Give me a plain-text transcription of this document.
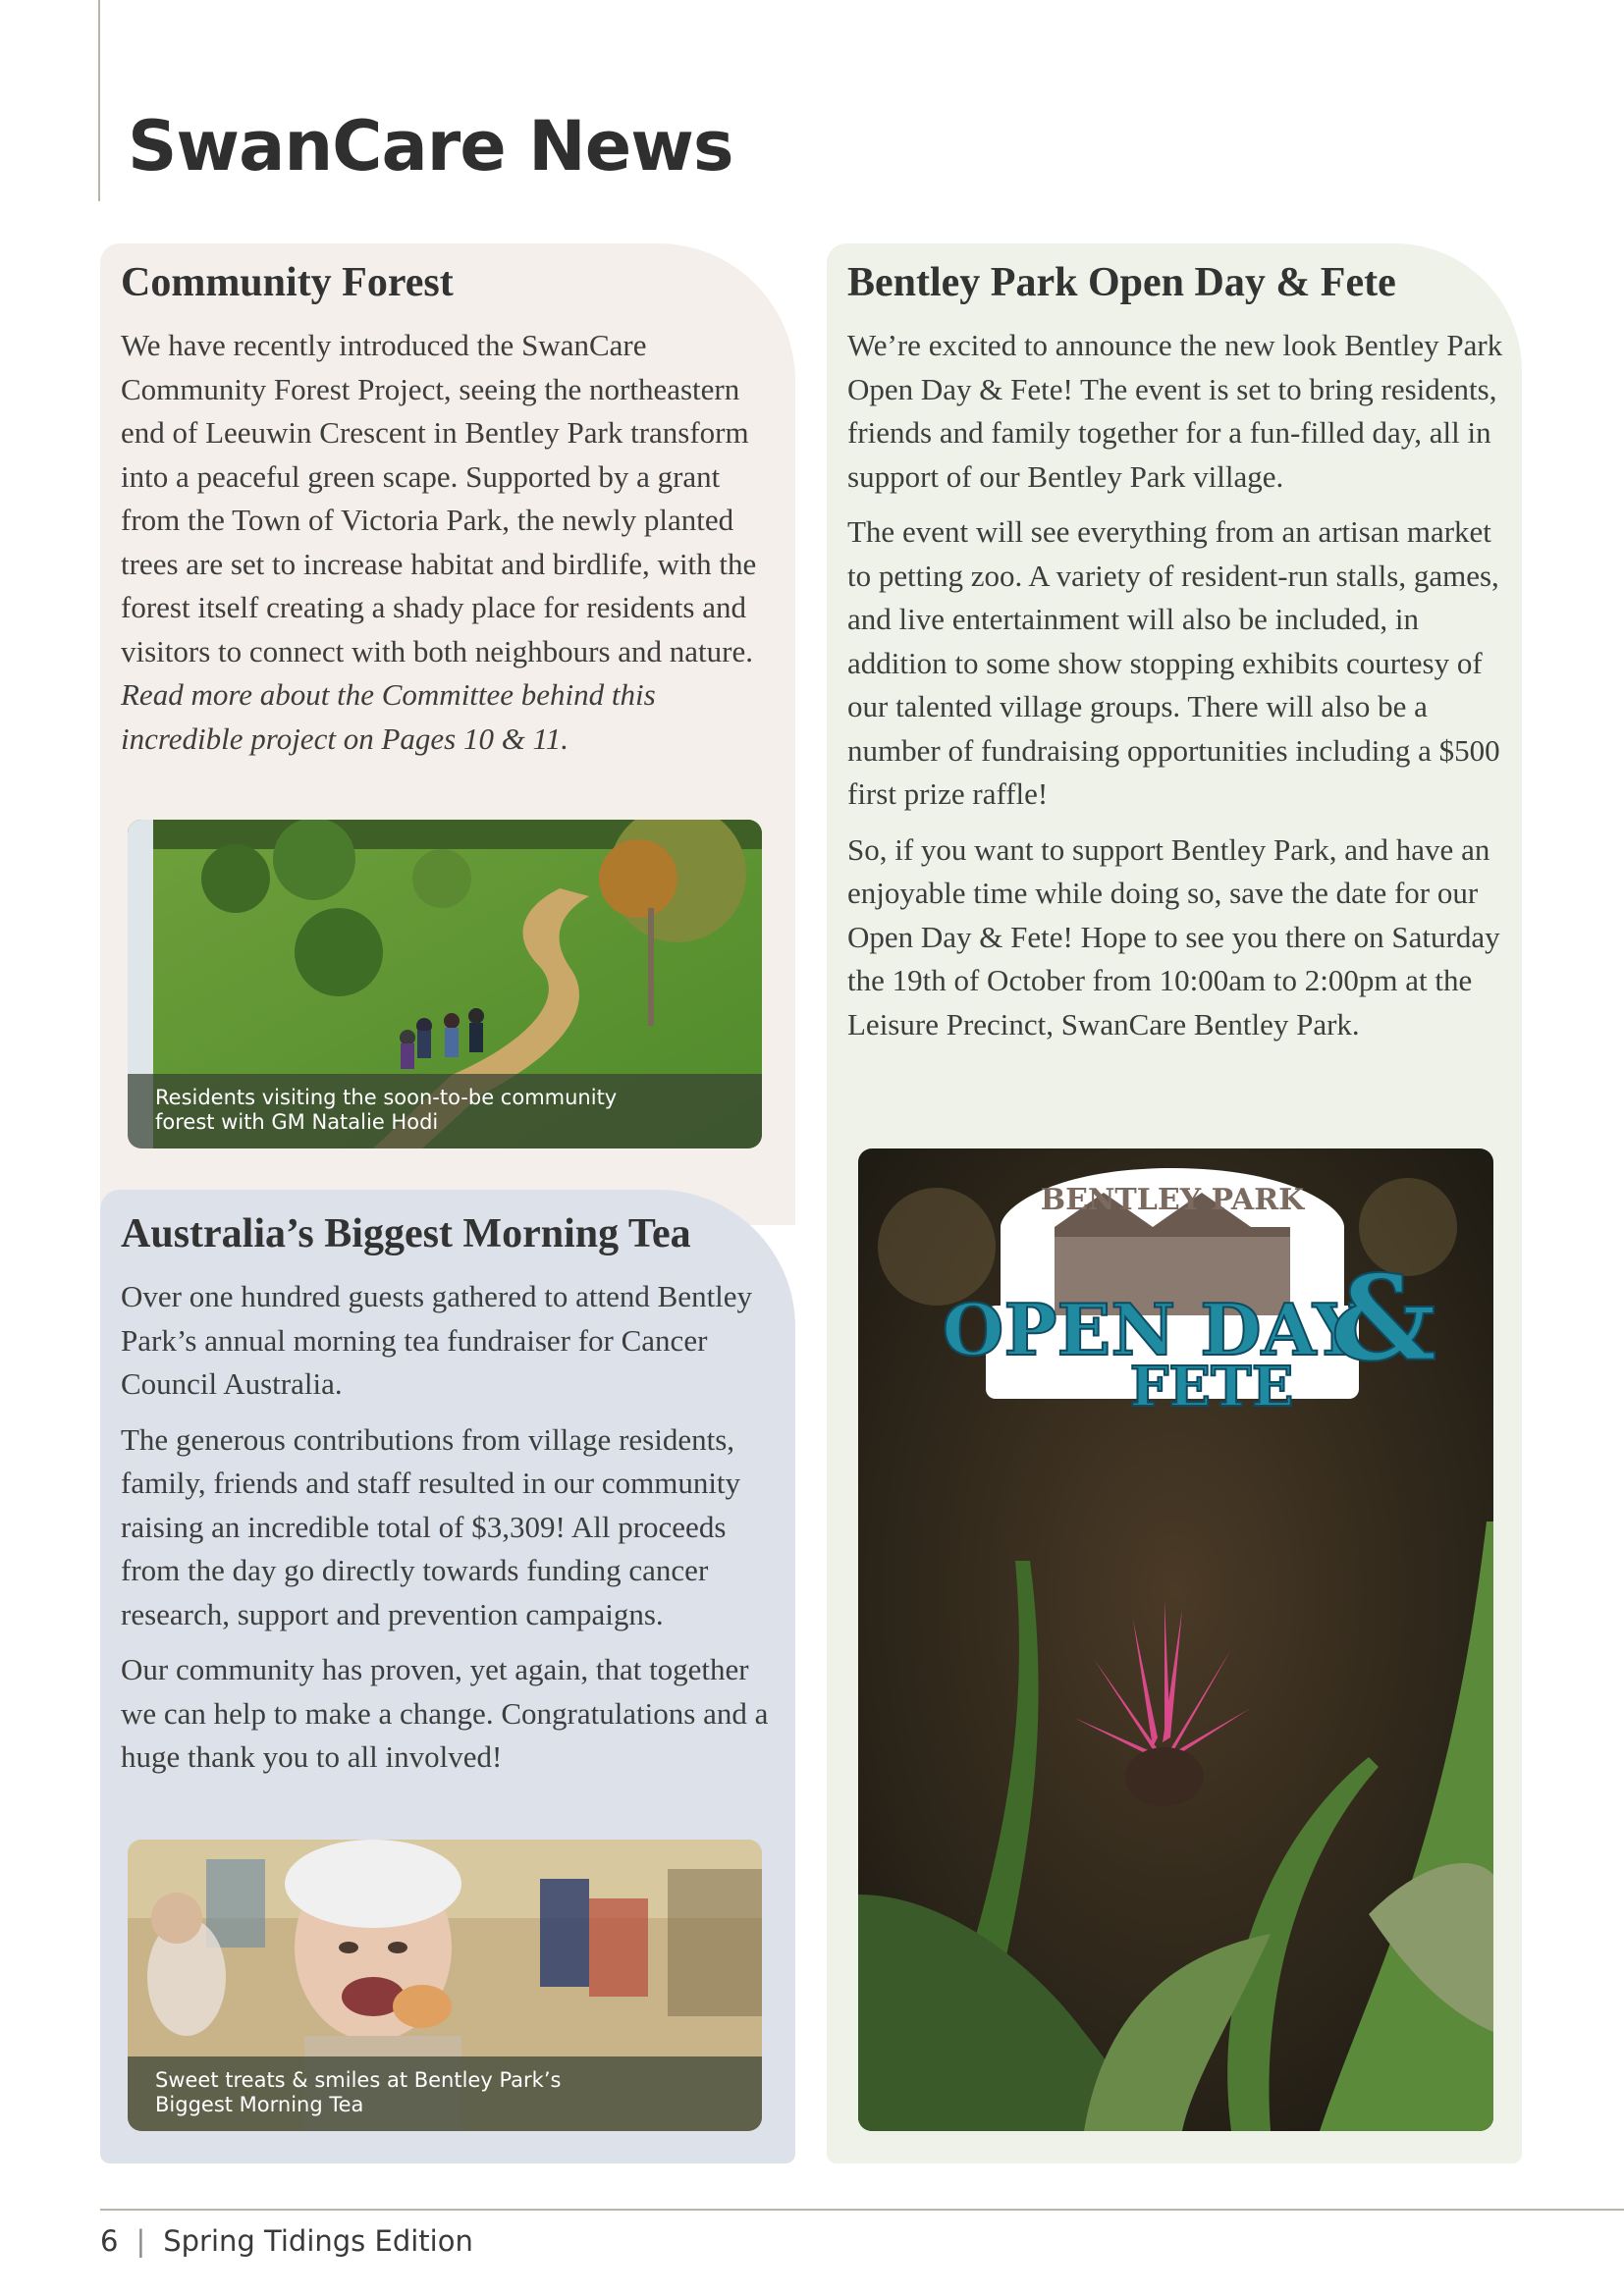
SwanCare News
Community Forest

We have recently introduced the SwanCare Community Forest Project, seeing the northeastern end of Leeuwin Crescent in Bentley Park transform into a peaceful green scape. Supported by a grant from the Town of Victoria Park, the newly planted trees are set to increase habitat and birdlife, with the forest itself creating a shady place for residents and visitors to connect with both neighbours and nature. Read more about the Committee behind this incredible project on Pages 10 & 11.

Residents visiting the soon-to-be community
forest with GM Natalie Hodi
Bentley Park Open Day & Fete

We’re excited to announce the new look Bentley Park Open Day & Fete! The event is set to bring residents, friends and family together for a fun-filled day, all in support of our Bentley Park village.

The event will see everything from an artisan market to petting zoo. A variety of resident-run stalls, games, and live entertainment will also be included, in addition to some show stopping exhibits courtesy of our talented village groups. There will also be a number of fundraising opportunities including a $500 first prize raffle!

So, if you want to support Bentley Park, and have an enjoyable time while doing so, save the date for our Open Day & Fete! Hope to see you there on Saturday the 19th of October from 10:00am to 2:00pm at the Leisure Precinct, SwanCare Bentley Park.

BENTLEY PARK
OPEN DAY
&
FETE
Australia’s Biggest Morning Tea

Over one hundred guests gathered to attend Bentley Park’s annual morning tea fundraiser for Cancer Council Australia.

The generous contributions from village residents, family, friends and staff resulted in our community raising an incredible total of $3,309! All proceeds from the day go directly towards funding cancer research, support and prevention campaigns.

Our community has proven, yet again, that together we can help to make a change. Congratulations and a huge thank you to all involved!

Sweet treats & smiles at Bentley Park’s
Biggest Morning Tea
6 | Spring Tidings Edition
